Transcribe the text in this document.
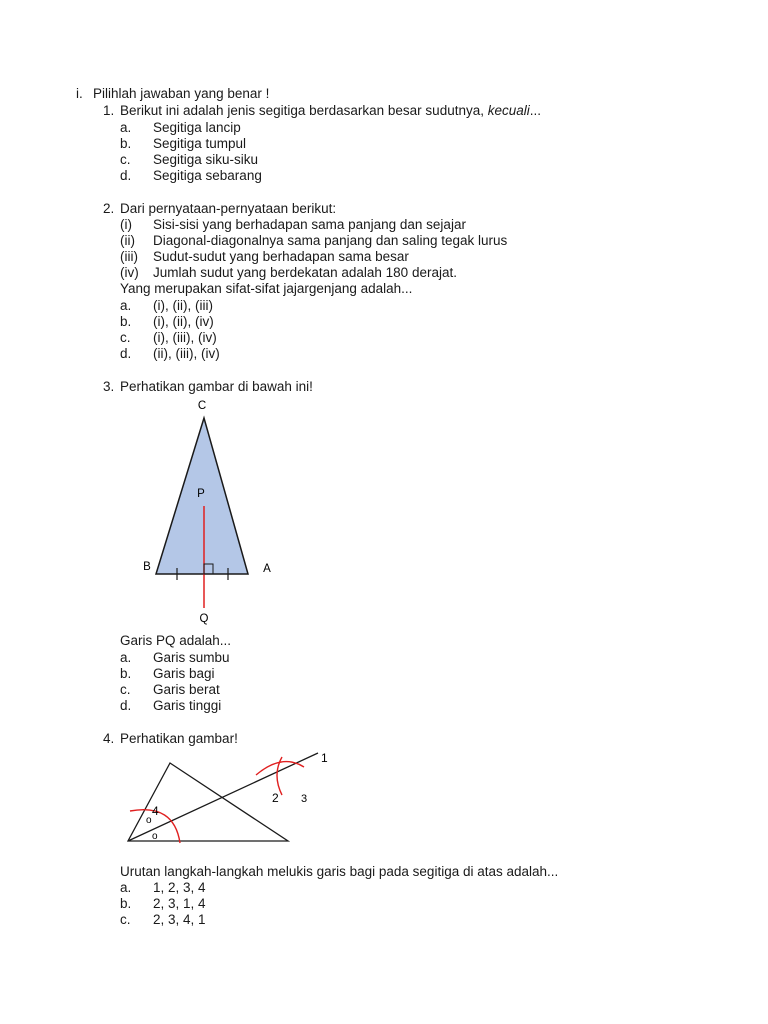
i. Pilihlah jawaban yang benar !
1. Berikut ini adalah jenis segitiga berdasarkan besar sudutnya, kecuali...
a. Segitiga lancip
b. Segitiga tumpul
c. Segitiga siku-siku
d. Segitiga sebarang
2. Dari pernyataan-pernyataan berikut:
(i) Sisi-sisi yang berhadapan sama panjang dan sejajar
(ii) Diagonal-diagonalnya sama panjang dan saling tegak lurus
(iii) Sudut-sudut yang berhadapan sama besar
(iv) Jumlah sudut yang berdekatan adalah 180 derajat.
Yang merupakan sifat-sifat jajargenjang adalah...
a. (i), (ii), (iii)
b. (i), (ii), (iv)
c. (i), (iii), (iv)
d. (ii), (iii), (iv)
3. Perhatikan gambar di bawah ini!
C
P
B	A
Q
Garis PQ adalah...
a. Garis sumbu
b. Garis bagi
c. Garis berat
d. Garis tinggi
4. Perhatikan gambar!
1
2 3
4
o
o
Urutan langkah-langkah melukis garis bagi pada segitiga di atas adalah...
a. 1, 2, 3, 4
b. 2, 3, 1, 4
c. 2, 3, 4, 1
